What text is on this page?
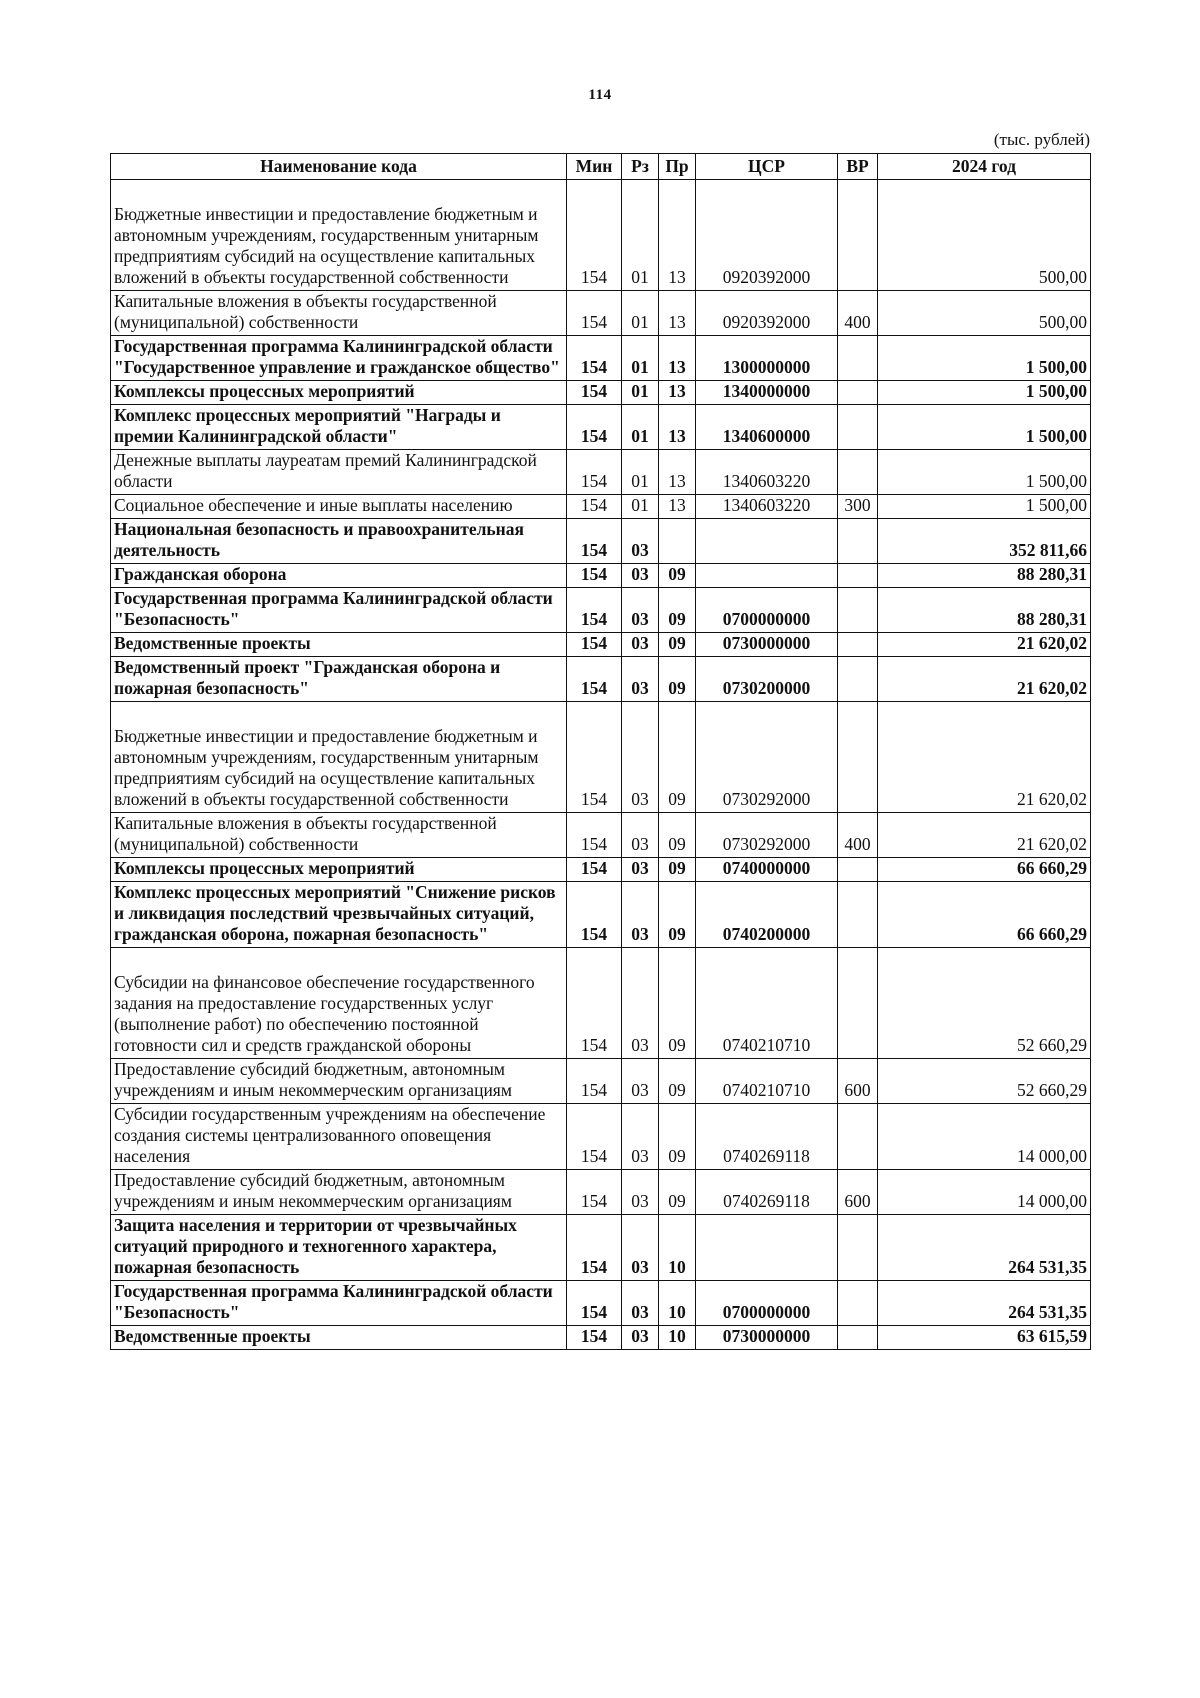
114
(тыс. рублей)
Наименование кода	Мин	Рз	Пр	ЦСР	ВР	2024 год
Бюджетные инвестиции и предоставление бюджетным и автономным учреждениям, государственным унитарным предприятиям субсидий на осуществление капитальных вложений в объекты государственной собственности	154	01	13	0920392000		500,00
Капитальные вложения в объекты государственной (муниципальной) собственности	154	01	13	0920392000	400	500,00
Государственная программа Калининградской области "Государственное управление и гражданское общество"	154	01	13	1300000000		1 500,00
Комплексы процессных мероприятий	154	01	13	1340000000		1 500,00
Комплекс процессных мероприятий "Награды и премии Калининградской области"	154	01	13	1340600000		1 500,00
Денежные выплаты лауреатам премий Калининградской области	154	01	13	1340603220		1 500,00
Социальное обеспечение и иные выплаты населению	154	01	13	1340603220	300	1 500,00
Национальная безопасность и правоохранительная деятельность	154	03				352 811,66
Гражданская оборона	154	03	09			88 280,31
Государственная программа Калининградской области "Безопасность"	154	03	09	0700000000		88 280,31
Ведомственные проекты	154	03	09	0730000000		21 620,02
Ведомственный проект "Гражданская оборона и пожарная безопасность"	154	03	09	0730200000		21 620,02
Бюджетные инвестиции и предоставление бюджетным и автономным учреждениям, государственным унитарным предприятиям субсидий на осуществление капитальных вложений в объекты государственной собственности	154	03	09	0730292000		21 620,02
Капитальные вложения в объекты государственной (муниципальной) собственности	154	03	09	0730292000	400	21 620,02
Комплексы процессных мероприятий	154	03	09	0740000000		66 660,29
Комплекс процессных мероприятий "Снижение рисков и ликвидация последствий чрезвычайных ситуаций, гражданская оборона, пожарная безопасность"	154	03	09	0740200000		66 660,29
Субсидии на финансовое обеспечение государственного задания на предоставление государственных услуг (выполнение работ) по обеспечению постоянной готовности сил и средств гражданской обороны	154	03	09	0740210710		52 660,29
Предоставление субсидий бюджетным, автономным учреждениям и иным некоммерческим организациям	154	03	09	0740210710	600	52 660,29
Субсидии государственным учреждениям на обеспечение создания системы централизованного оповещения населения	154	03	09	0740269118		14 000,00
Предоставление субсидий бюджетным, автономным учреждениям и иным некоммерческим организациям	154	03	09	0740269118	600	14 000,00
Защита населения и территории от чрезвычайных ситуаций природного и техногенного характера, пожарная безопасность	154	03	10			264 531,35
Государственная программа Калининградской области "Безопасность"	154	03	10	0700000000		264 531,35
Ведомственные проекты	154	03	10	0730000000		63 615,59
